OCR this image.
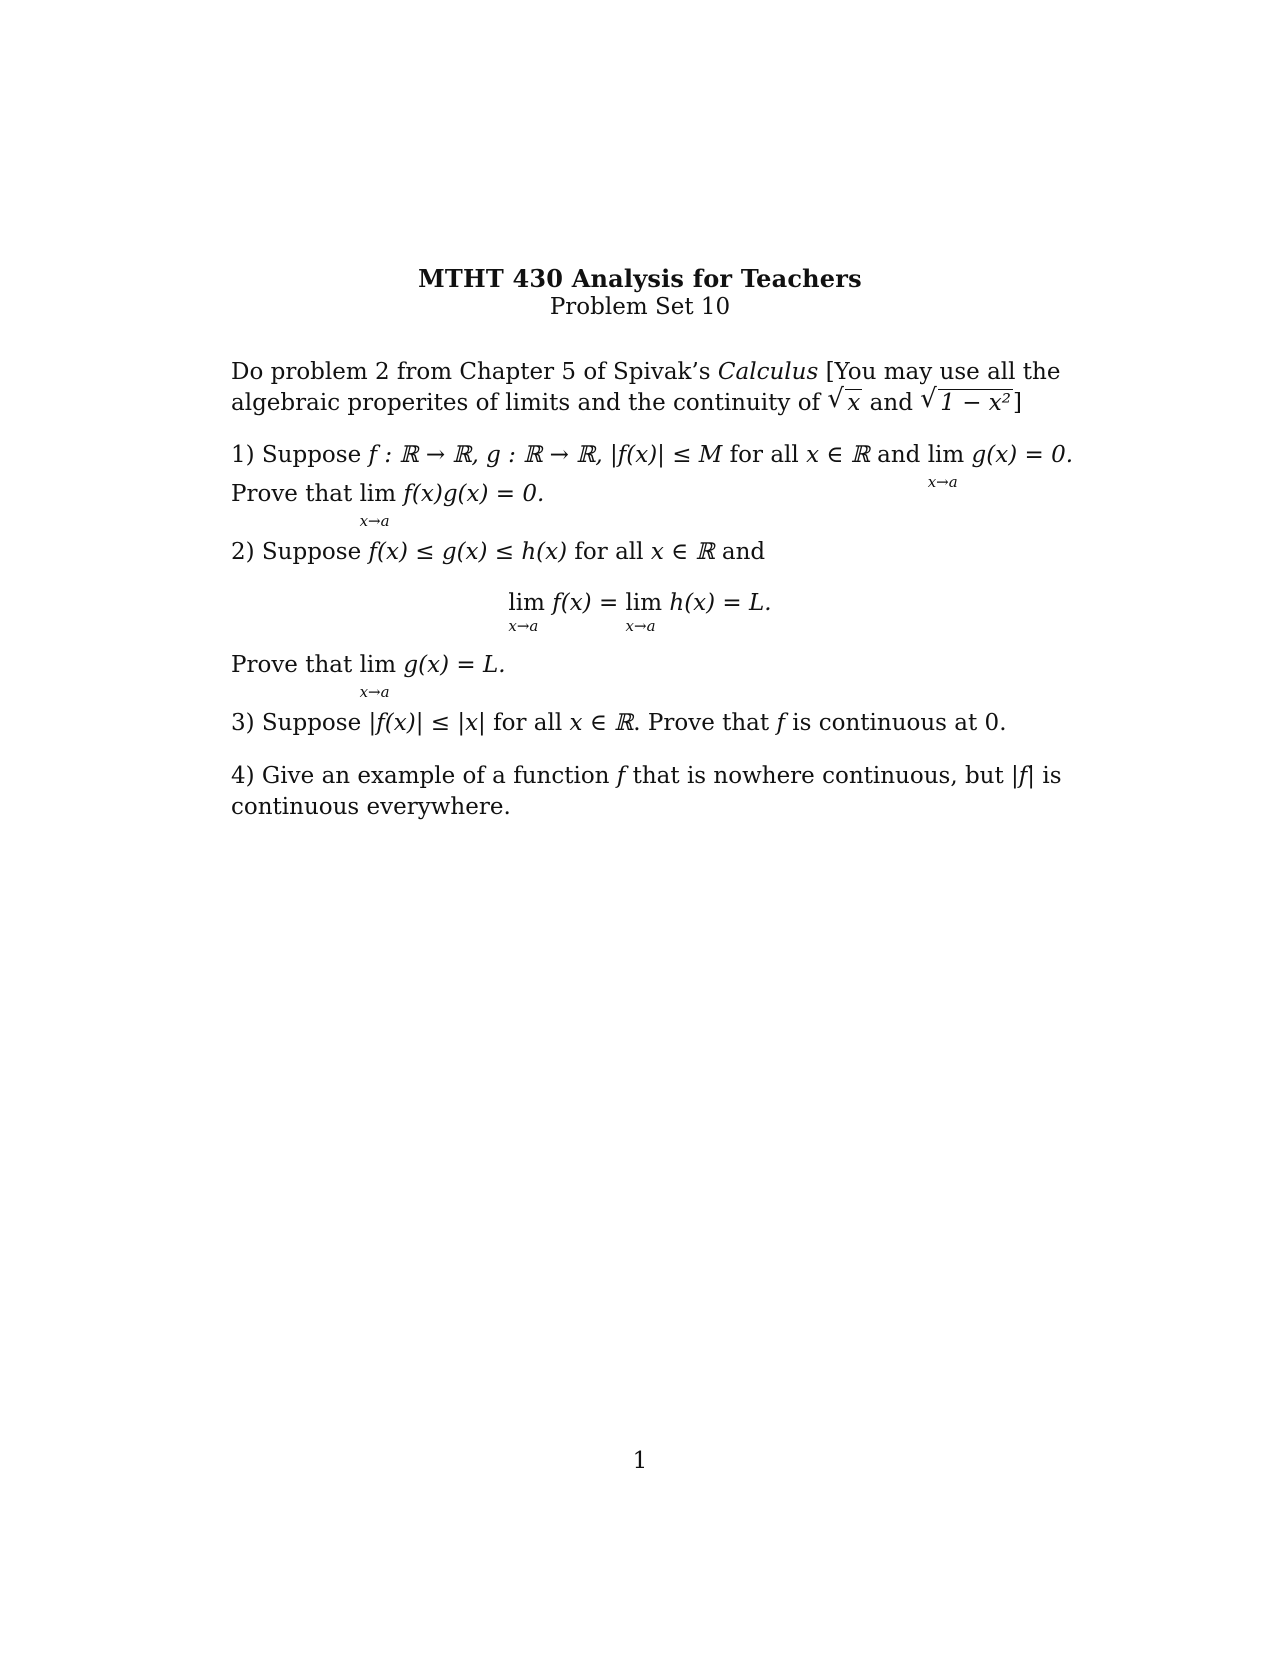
MTHT 430 Analysis for Teachers
Problem Set 10
Do problem 2 from Chapter 5 of Spivak’s Calculus [You may use all the
algebraic properites of limits and the continuity of √ x and √ 1 − x²]
1) Suppose f : ℝ → ℝ, g : ℝ → ℝ, |f(x)| ≤ M for all x ∈ ℝ and lim
x→a
g(x) = 0.
Prove that lim
x→a
f(x)g(x) = 0.
2) Suppose f(x) ≤ g(x) ≤ h(x) for all x ∈ ℝ and
lim
x→a
f(x) = lim
x→a
h(x) = L.
Prove that lim
x→a
g(x) = L.
3) Suppose |f(x)| ≤ |x| for all x ∈ ℝ. Prove that f is continuous at 0.
4) Give an example of a function f that is nowhere continuous, but |f| is
continuous everywhere.
1
